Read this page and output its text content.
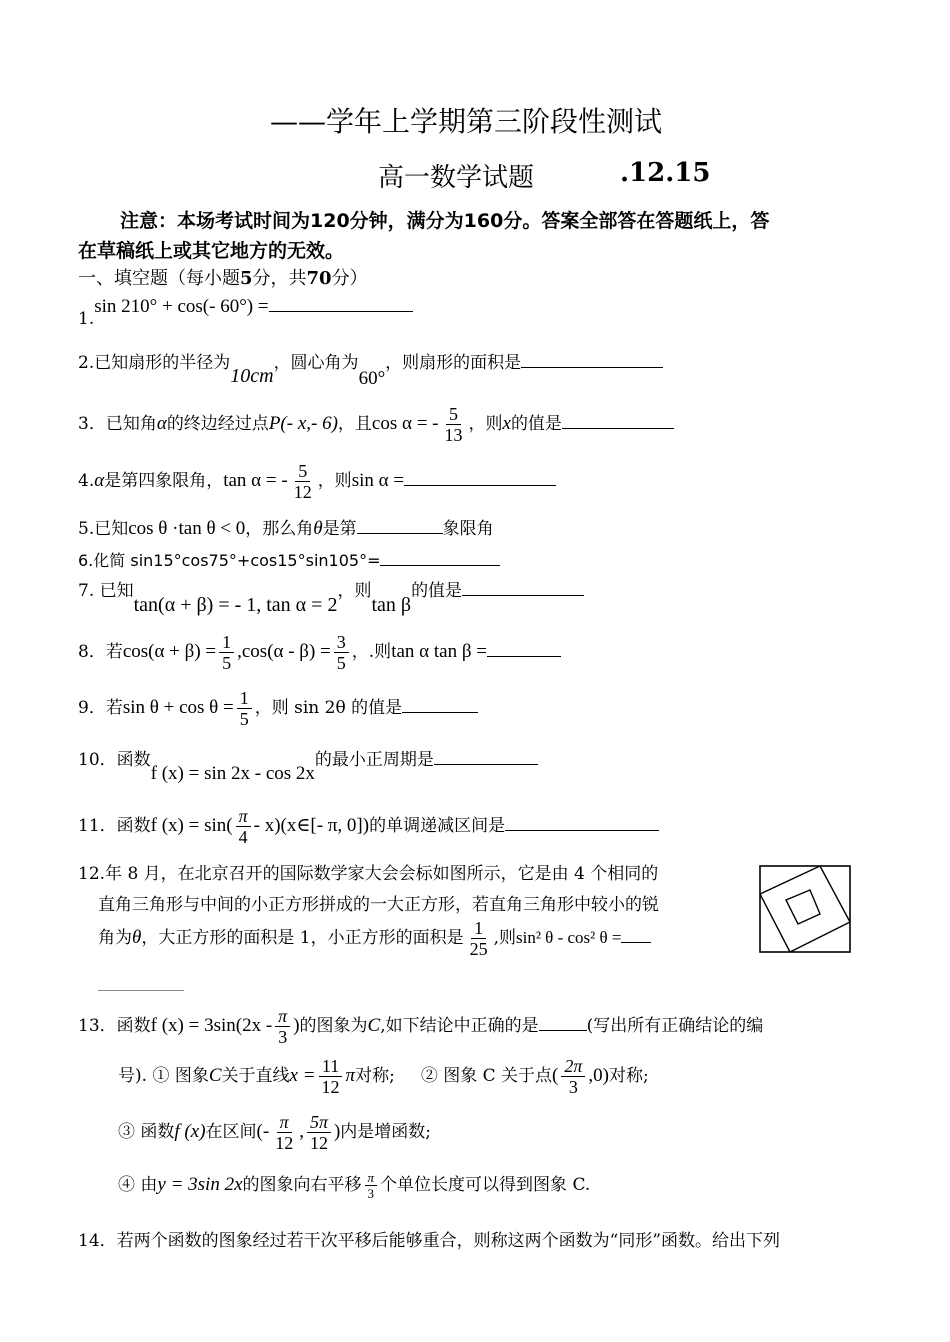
——学年上学期第三阶段性测试
高一数学试题	.12.15
注意：本场考试时间为120分钟，满分为160分。答案全部答在答题纸上，答
在草稿纸上或其它地方的无效。
一、填空题（每小题5分，共70分）
1.sin 210° + cos(- 60°) =
2.已知扇形的半径为10cm，圆心角为60°，则扇形的面积是
3．已知角α的终边经过点P(- x,- 6)，且cos α = - $\frac{5}{13}$ ，则x的值是
4.α是第四象限角，tan α = - $\frac{5}{12}$ ，则sin α =
5.已知cos θ ·tan θ < 0，那么角θ是第	象限角
6.化简 sin15°cos75°+cos15°sin105°=
7. 已知tan(α + β) = - 1, tan α = 2，则tan β的值是
8．若$\cos(\alpha + \beta) = \frac{1}{5} ,\cos(\alpha - \beta) = \frac{3}{5}$ ，.则tan α tan β =
9．若$\sin \theta + \cos \theta = \frac{1}{5}$ ，则 sin 2θ 的值是
10．函数f (x) = sin 2x - cos 2x的最小正周期是
11．函数f $(x) = \sin( \frac{\pi}{4}$ - x)(x∈[- π, 0])的单调递减区间是
12.年 8 月，在北京召开的国际数学家大会会标如图所示，它是由 4 个相同的
直角三角形与中间的小正方形拼成的一大正方形，若直角三角形中较小的锐
角为θ，大正方形的面积是 1，小正方形的面积是 $\frac{1}{25}$ ,则sin² θ - cos² θ =
13．函数f $(x) = 3\sin(2x - \frac{\pi}{3}$ )的图象为C,如下结论中正确的是	(写出所有正确结论的编
号). ① 图象C关于直线$x = \frac{11}{12}$ π对称; ② 图象 C 关于点( $\frac{2\pi}{3} ,0$)对称;
③ 函数f (x)在区间(- $\frac{\pi}{12}$ , $\frac{5\pi}{12}$ )内是增函数;
④ 由y = 3sin 2x的图象向右平移 $\frac{\pi}{3}$ 个单位长度可以得到图象 C.
14．若两个函数的图象经过若干次平移后能够重合，则称这两个函数为“同形”函数。给出下列
